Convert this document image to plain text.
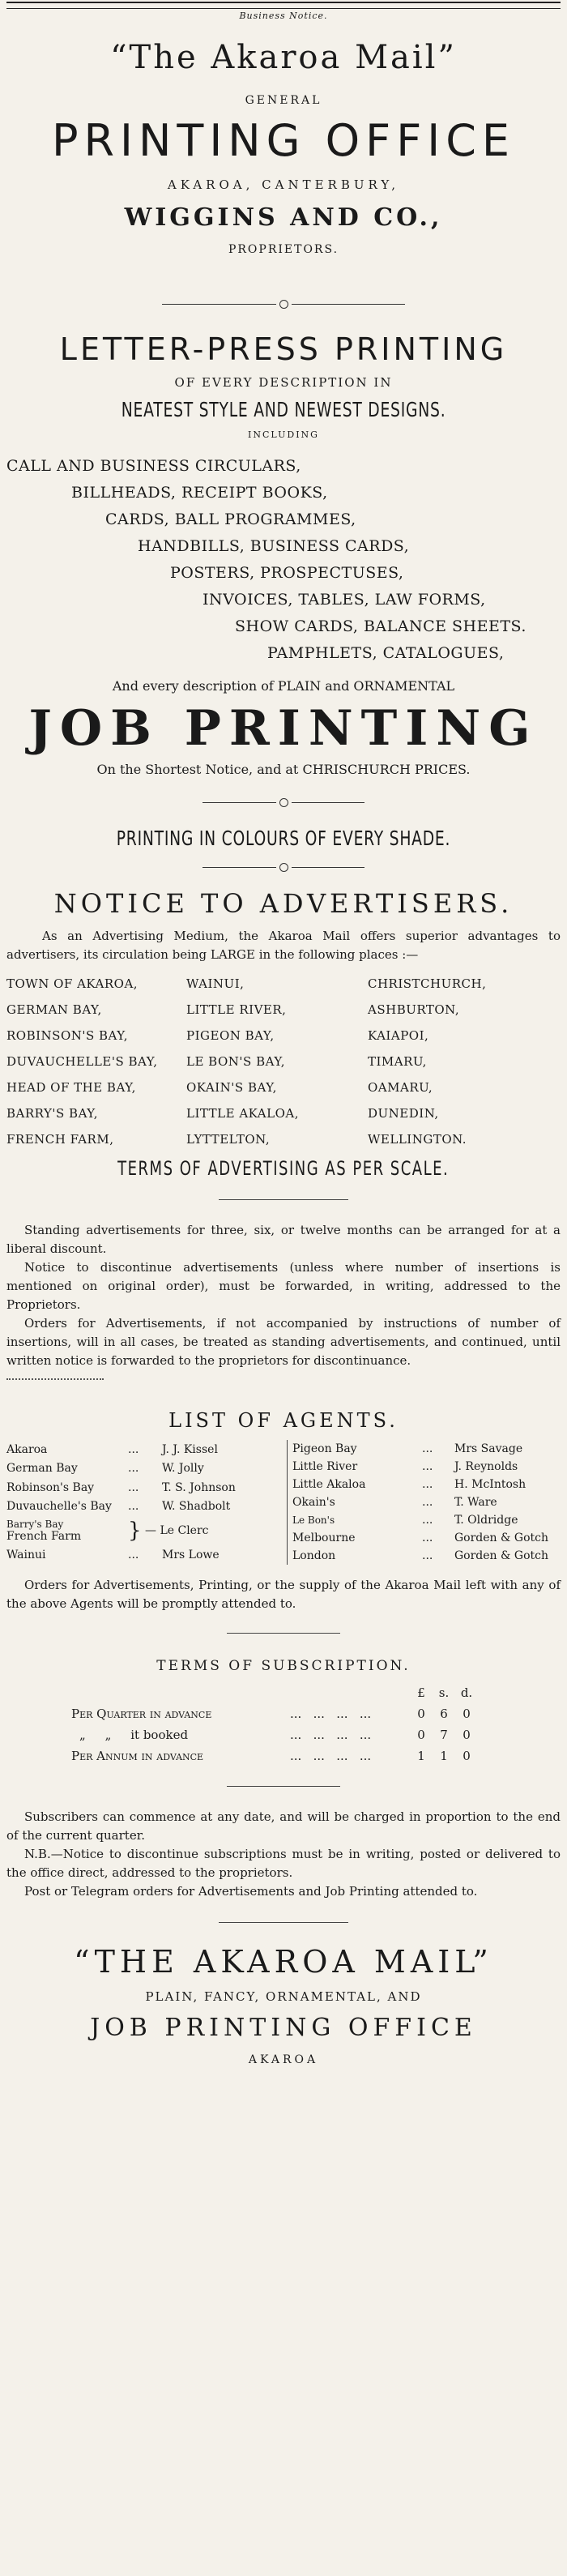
Business Notice.
“The Akaroa Mail”
GENERAL
PRINTING OFFICE
AKAROA, CANTERBURY,
WIGGINS AND CO.,
PROPRIETORS.
LETTER-PRESS PRINTING
OF EVERY DESCRIPTION IN
NEATEST STYLE AND NEWEST DESIGNS.
INCLUDING
CALL AND BUSINESS CIRCULARS,
BILLHEADS, RECEIPT BOOKS,
CARDS, BALL PROGRAMMES,
HANDBILLS, BUSINESS CARDS,
POSTERS, PROSPECTUSES,
INVOICES, TABLES, LAW FORMS,
SHOW CARDS, BALANCE SHEETS.
PAMPHLETS, CATALOGUES,
And every description of PLAIN and ORNAMENTAL
JOB PRINTING
On the Shortest Notice, and at CHRISCHURCH PRICES.
PRINTING IN COLOURS OF EVERY SHADE.
NOTICE TO ADVERTISERS.

As an Advertising Medium, the Akaroa Mail offers superior advantages to advertisers, its circulation being LARGE in the following places :—

TOWN OF AKAROA,	WAINUI,	CHRISTCHURCH,
GERMAN BAY,	LITTLE RIVER,	ASHBURTON,
ROBINSON'S BAY,	PIGEON BAY,	KAIAPOI,
DUVAUCHELLE'S BAY,	LE BON'S BAY,	TIMARU,
HEAD OF THE BAY,	OKAIN'S BAY,	OAMARU,
BARRY'S BAY,	LITTLE AKALOA,	DUNEDIN,
FRENCH FARM,	LYTTELTON,	WELLINGTON.
TERMS OF ADVERTISING AS PER SCALE.

Standing advertisements for three, six, or twelve months can be arranged for at a liberal discount.

Notice to discontinue advertisements (unless where number of insertions is mentioned on original order), must be forwarded, in writing, addressed to the Proprietors.

Orders for Advertisements, if not accompanied by instructions of number of insertions, will in all cases, be treated as standing advertisements, and continued, until written notice is forwarded to the proprietors for discontinuance.

LIST OF AGENTS.
Akaroa	...	J. J. Kissel
German Bay	...	W. Jolly
Robinson's Bay	...	T. S. Johnson
Duvauchelle's Bay	...	W. Shadbolt

Barry's Bay
French Farm	} — Le Clerc	
Wainui	...	Mrs Lowe
Pigeon Bay	...	Mrs Savage
Little River	...	J. Reynolds
Little Akaloa	...	H. McIntosh
Okain's	...	T. Ware
Le Bon's	...	T. Oldridge
Melbourne	...	Gorden & Gotch
London	...	Gorden & Gotch

Orders for Advertisements, Printing, or the supply of the Akaroa Mail left with any of the above Agents will be promptly attended to.

TERMS OF SUBSCRIPTION.
		£	s.	d.
Per Quarter in advance	...   ...   ...   ...	0	6	0
„     „     it booked	...   ...   ...   ...	0	7	0
Per Annum in advance	...   ...   ...   ...	1	1	0

Subscribers can commence at any date, and will be charged in proportion to the end of the current quarter.

N.B.—Notice to discontinue subscriptions must be in writing, posted or delivered to the office direct, addressed to the proprietors.

Post or Telegram orders for Advertisements and Job Printing attended to.

“THE AKAROA MAIL”
PLAIN, FANCY, ORNAMENTAL, AND
JOB PRINTING OFFICE
AKAROA
